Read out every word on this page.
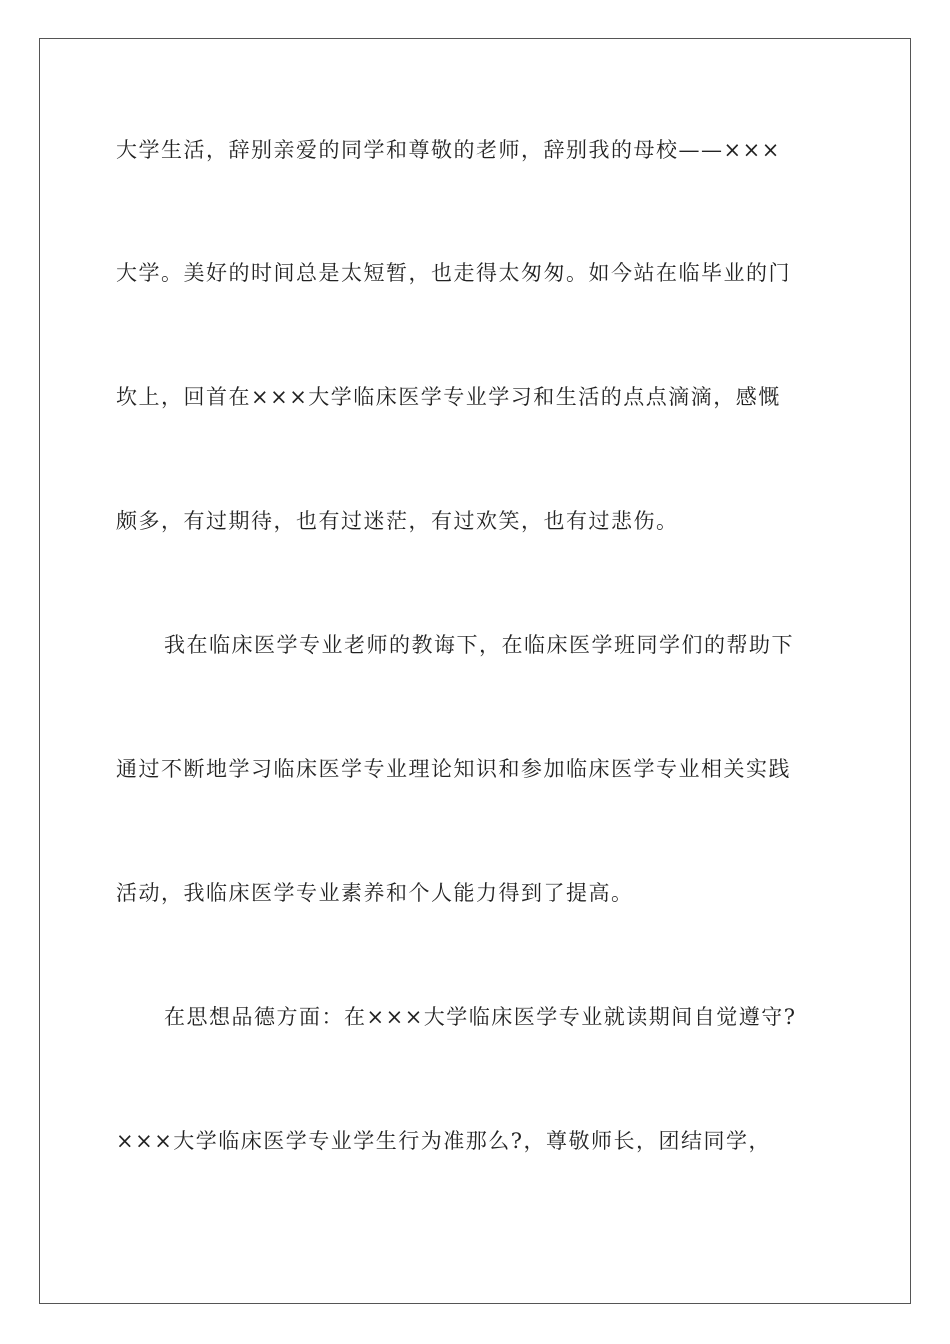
大学生活，辞别亲爱的同学和尊敬的老师，辞别我的母校——×××

大学。美好的时间总是太短暂，也走得太匆匆。如今站在临毕业的门

坎上，回首在×××大学临床医学专业学习和生活的点点滴滴，感慨

颇多，有过期待，也有过迷茫，有过欢笑，也有过悲伤。

我在临床医学专业老师的教诲下，在临床医学班同学们的帮助下

通过不断地学习临床医学专业理论知识和参加临床医学专业相关实践

活动，我临床医学专业素养和个人能力得到了提高。

在思想品德方面：在×××大学临床医学专业就读期间自觉遵守?

×××大学临床医学专业学生行为准那么?，尊敬师长，团结同学，
